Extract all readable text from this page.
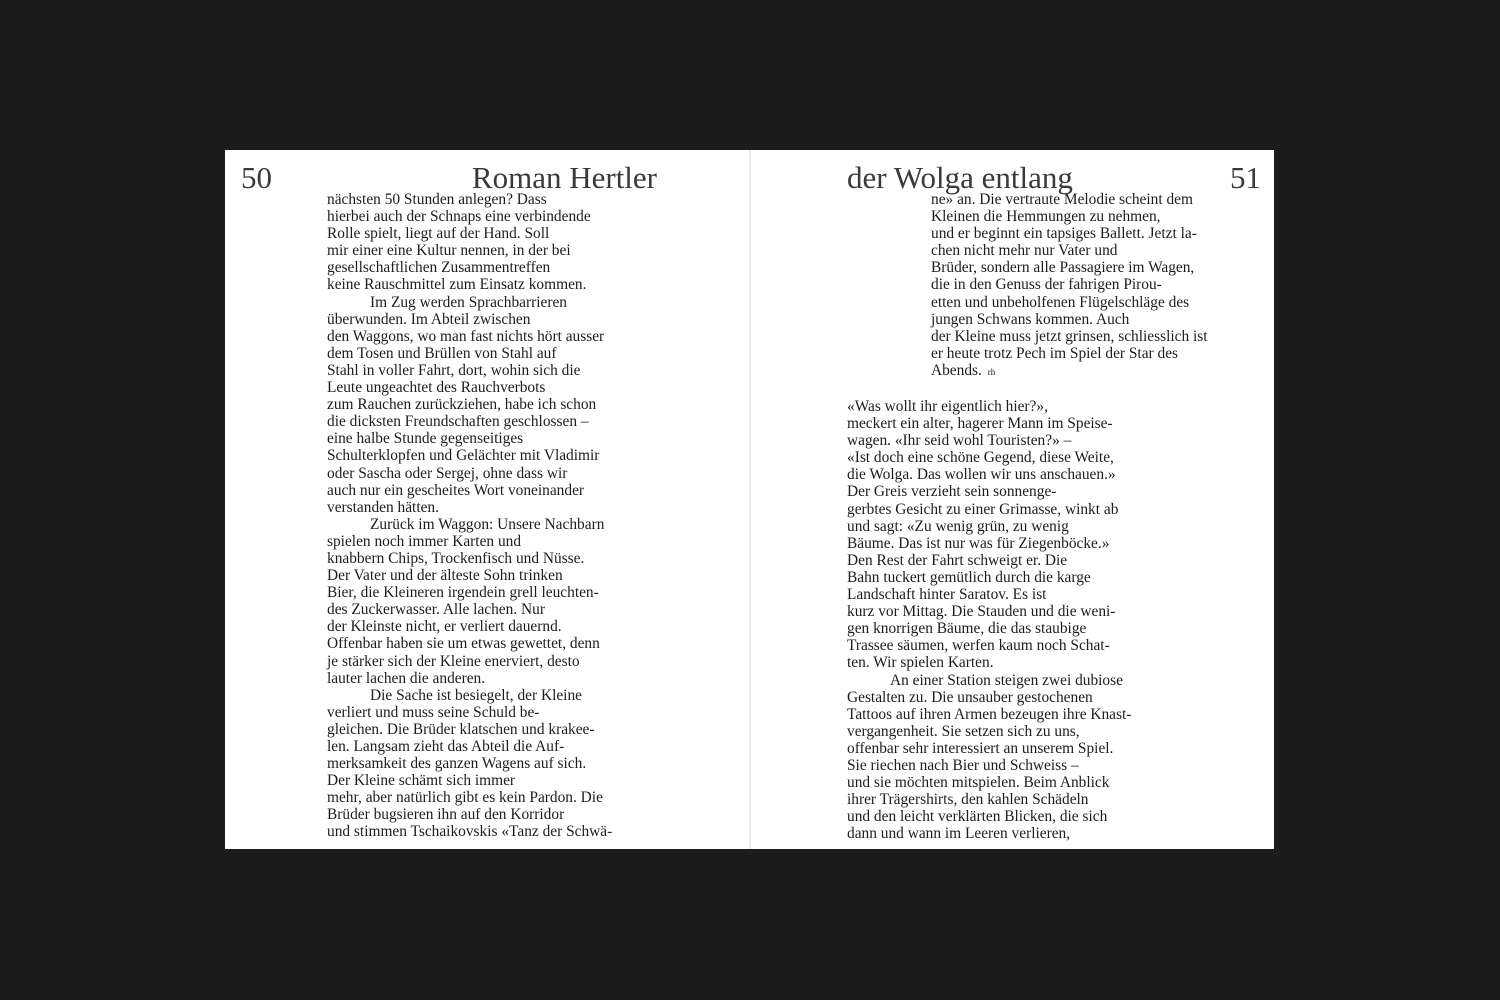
50	Roman Hertler	der Wolga entlang	51
nächsten 50 Stunden anlegen? Dass
hierbei auch der Schnaps eine verbindende
Rolle spielt, liegt auf der Hand. Soll
mir einer eine Kultur nennen, in der bei
gesellschaftlichen Zusammentreffen
keine Rauschmittel zum Einsatz kommen.
Im Zug werden Sprachbarrieren
überwunden. Im Abteil zwischen
den Waggons, wo man fast nichts hört ausser
dem Tosen und Brüllen von Stahl auf
Stahl in voller Fahrt, dort, wohin sich die
Leute ungeachtet des Rauchverbots
zum Rauchen zurückziehen, habe ich schon
die dicksten Freundschaften geschlossen –
eine halbe Stunde gegenseitiges
Schulterklopfen und Gelächter mit Vladimir
oder Sascha oder Sergej, ohne dass wir
auch nur ein gescheites Wort voneinander
verstanden hätten.
Zurück im Waggon: Unsere Nachbarn
spielen noch immer Karten und
knabbern Chips, Trockenfisch und Nüsse.
Der Vater und der älteste Sohn trinken
Bier, die Kleineren irgendein grell leuchten-
des Zuckerwasser. Alle lachen. Nur
der Kleinste nicht, er verliert dauernd.
Offenbar haben sie um etwas gewettet, denn
je stärker sich der Kleine enerviert, desto
lauter lachen die anderen.
Die Sache ist besiegelt, der Kleine
verliert und muss seine Schuld be-
gleichen. Die Brüder klatschen und krakee-
len. Langsam zieht das Abteil die Auf-
merksamkeit des ganzen Wagens auf sich.
Der Kleine schämt sich immer
mehr, aber natürlich gibt es kein Pardon. Die
Brüder bugsieren ihn auf den Korridor
und stimmen Tschaikovskis «Tanz der Schwä-
ne» an. Die vertraute Melodie scheint dem
Kleinen die Hemmungen zu nehmen,
und er beginnt ein tapsiges Ballett. Jetzt la-
chen nicht mehr nur Vater und
Brüder, sondern alle Passagiere im Wagen,
die in den Genuss der fahrigen Pirou-
etten und unbeholfenen Flügelschläge des
jungen Schwans kommen. Auch
der Kleine muss jetzt grinsen, schliesslich ist
er heute trotz Pech im Spiel der Star des
Abends. rh
«Was wollt ihr eigentlich hier?»,
meckert ein alter, hagerer Mann im Speise-
wagen. «Ihr seid wohl Touristen?» –
«Ist doch eine schöne Gegend, diese Weite,
die Wolga. Das wollen wir uns anschauen.»
Der Greis verzieht sein sonnenge-
gerbtes Gesicht zu einer Grimasse, winkt ab
und sagt: «Zu wenig grün, zu wenig
Bäume. Das ist nur was für Ziegenböcke.»
Den Rest der Fahrt schweigt er. Die
Bahn tuckert gemütlich durch die karge
Landschaft hinter Saratov. Es ist
kurz vor Mittag. Die Stauden und die weni-
gen knorrigen Bäume, die das staubige
Trassee säumen, werfen kaum noch Schat-
ten. Wir spielen Karten.
An einer Station steigen zwei dubiose
Gestalten zu. Die unsauber gestochenen
Tattoos auf ihren Armen bezeugen ihre Knast-
vergangenheit. Sie setzen sich zu uns,
offenbar sehr interessiert an unserem Spiel.
Sie riechen nach Bier und Schweiss –
und sie möchten mitspielen. Beim Anblick
ihrer Trägershirts, den kahlen Schädeln
und den leicht verklärten Blicken, die sich
dann und wann im Leeren verlieren,
